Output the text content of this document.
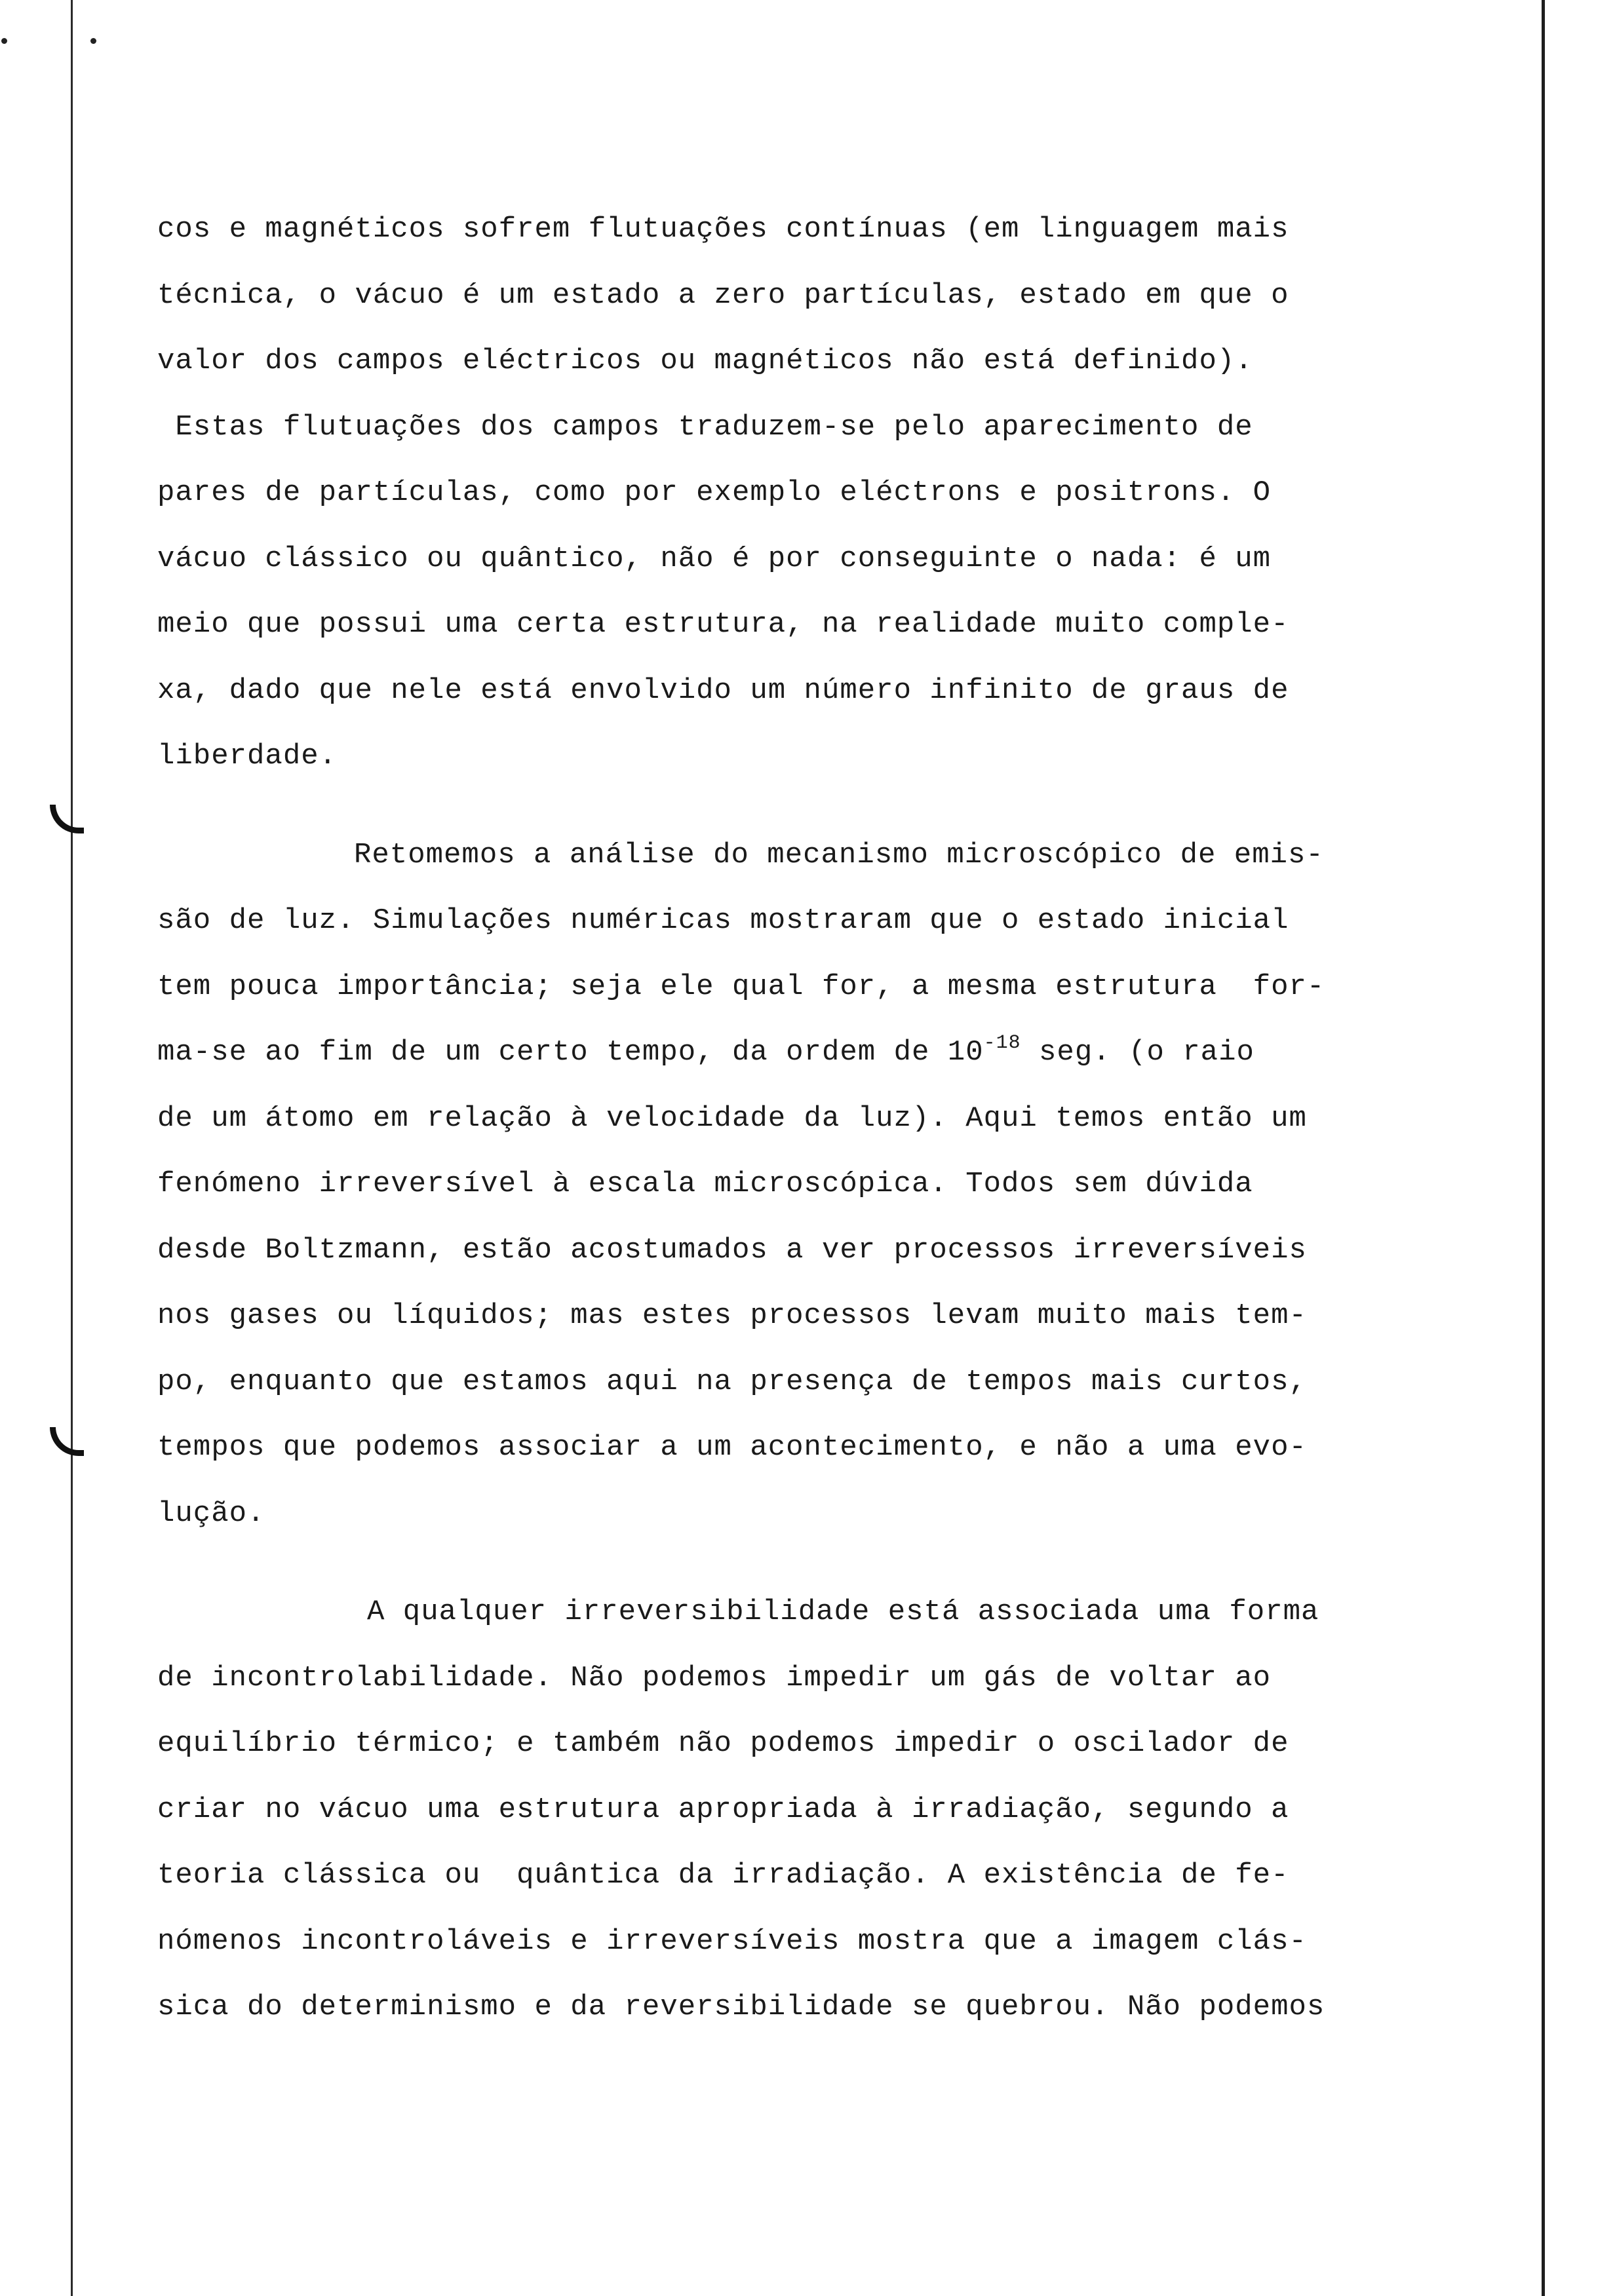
cos e magnéticos sofrem flutuações contínuas (em linguagem mais
técnica, o vácuo é um estado a zero partículas, estado em que o
valor dos campos eléctricos ou magnéticos não está definido).
Estas flutuações dos campos traduzem-se pelo aparecimento de
pares de partículas, como por exemplo eléctrons e positrons. O
vácuo clássico ou quântico, não é por conseguinte o nada: é um
meio que possui uma certa estrutura, na realidade muito comple-
xa, dado que nele está envolvido um número infinito de graus de
liberdade.
Retomemos a análise do mecanismo microscópico de emis-
são de luz. Simulações numéricas mostraram que o estado inicial
tem pouca importância; seja ele qual for, a mesma estrutura  for-
ma-se ao fim de um certo tempo, da ordem de $10^{-18}$ seg. (o raio
de um átomo em relação à velocidade da luz). Aqui temos então um
fenómeno irreversível à escala microscópica. Todos sem dúvida
desde Boltzmann, estão acostumados a ver processos irreversíveis
nos gases ou líquidos; mas estes processos levam muito mais tem-
po, enquanto que estamos aqui na presença de tempos mais curtos,
tempos que podemos associar a um acontecimento, e não a uma evo-
lução.
A qualquer irreversibilidade está associada uma forma
de incontrolabilidade. Não podemos impedir um gás de voltar ao
equilíbrio térmico; e também não podemos impedir o oscilador de
criar no vácuo uma estrutura apropriada à irradiação, segundo a
teoria clássica ou  quântica da irradiação. A existência de fe-
nómenos incontroláveis e irreversíveis mostra que a imagem clás-
sica do determinismo e da reversibilidade se quebrou. Não podemos
